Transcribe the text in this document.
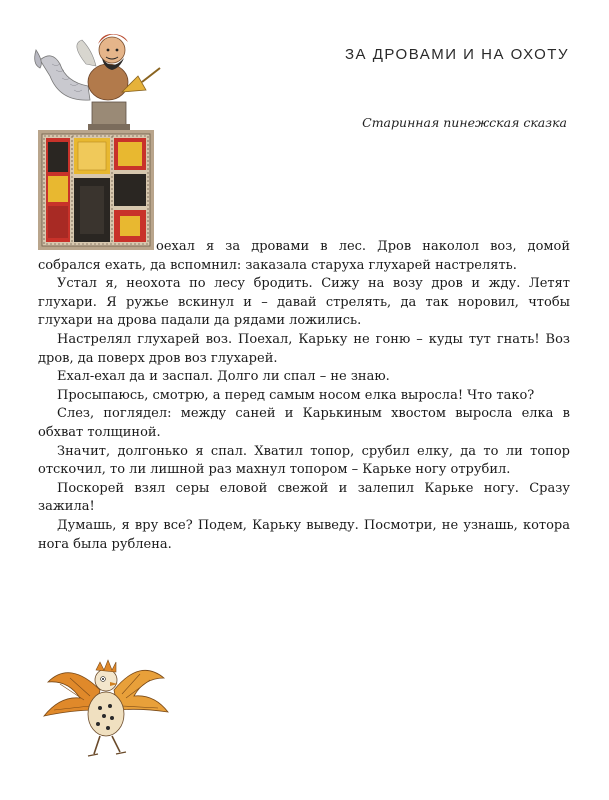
ЗА ДРОВАМИ И НА ОХОТУ
Старинная пинежская сказка

оехал я за дровами в лес. Дров наколол воз, домой собрался ехать, да вспомнил: заказала старуха глухарей настрелять.

Устал я, неохота по лесу бродить. Сижу на возу дров и жду. Летят глухари. Я ружье вскинул и – давай стрелять, да так норовил, чтобы глухари на дрова падали да рядами ложились.

Настрелял глухарей воз. Поехал, Карьку не гоню – куды тут гнать! Воз дров, да поверх дров воз глухарей.

Ехал-ехал да и заспал. Долго ли спал – не знаю.

Просыпаюсь, смотрю, а перед самым носом елка выросла! Что тако?

Слез, поглядел: между саней и Карькиным хвостом выросла елка в обхват толщиной.

Значит, долгонько я спал. Хватил топор, срубил елку, да то ли топор отскочил, то ли лишной раз махнул топором – Карьке ногу отрубил.

Поскорей взял серы еловой свежой и залепил Карьке ногу. Сразу зажила!

Думашь, я вру все? Подем, Карьку выведу. Посмотри, не узнашь, котора нога была рублена.
